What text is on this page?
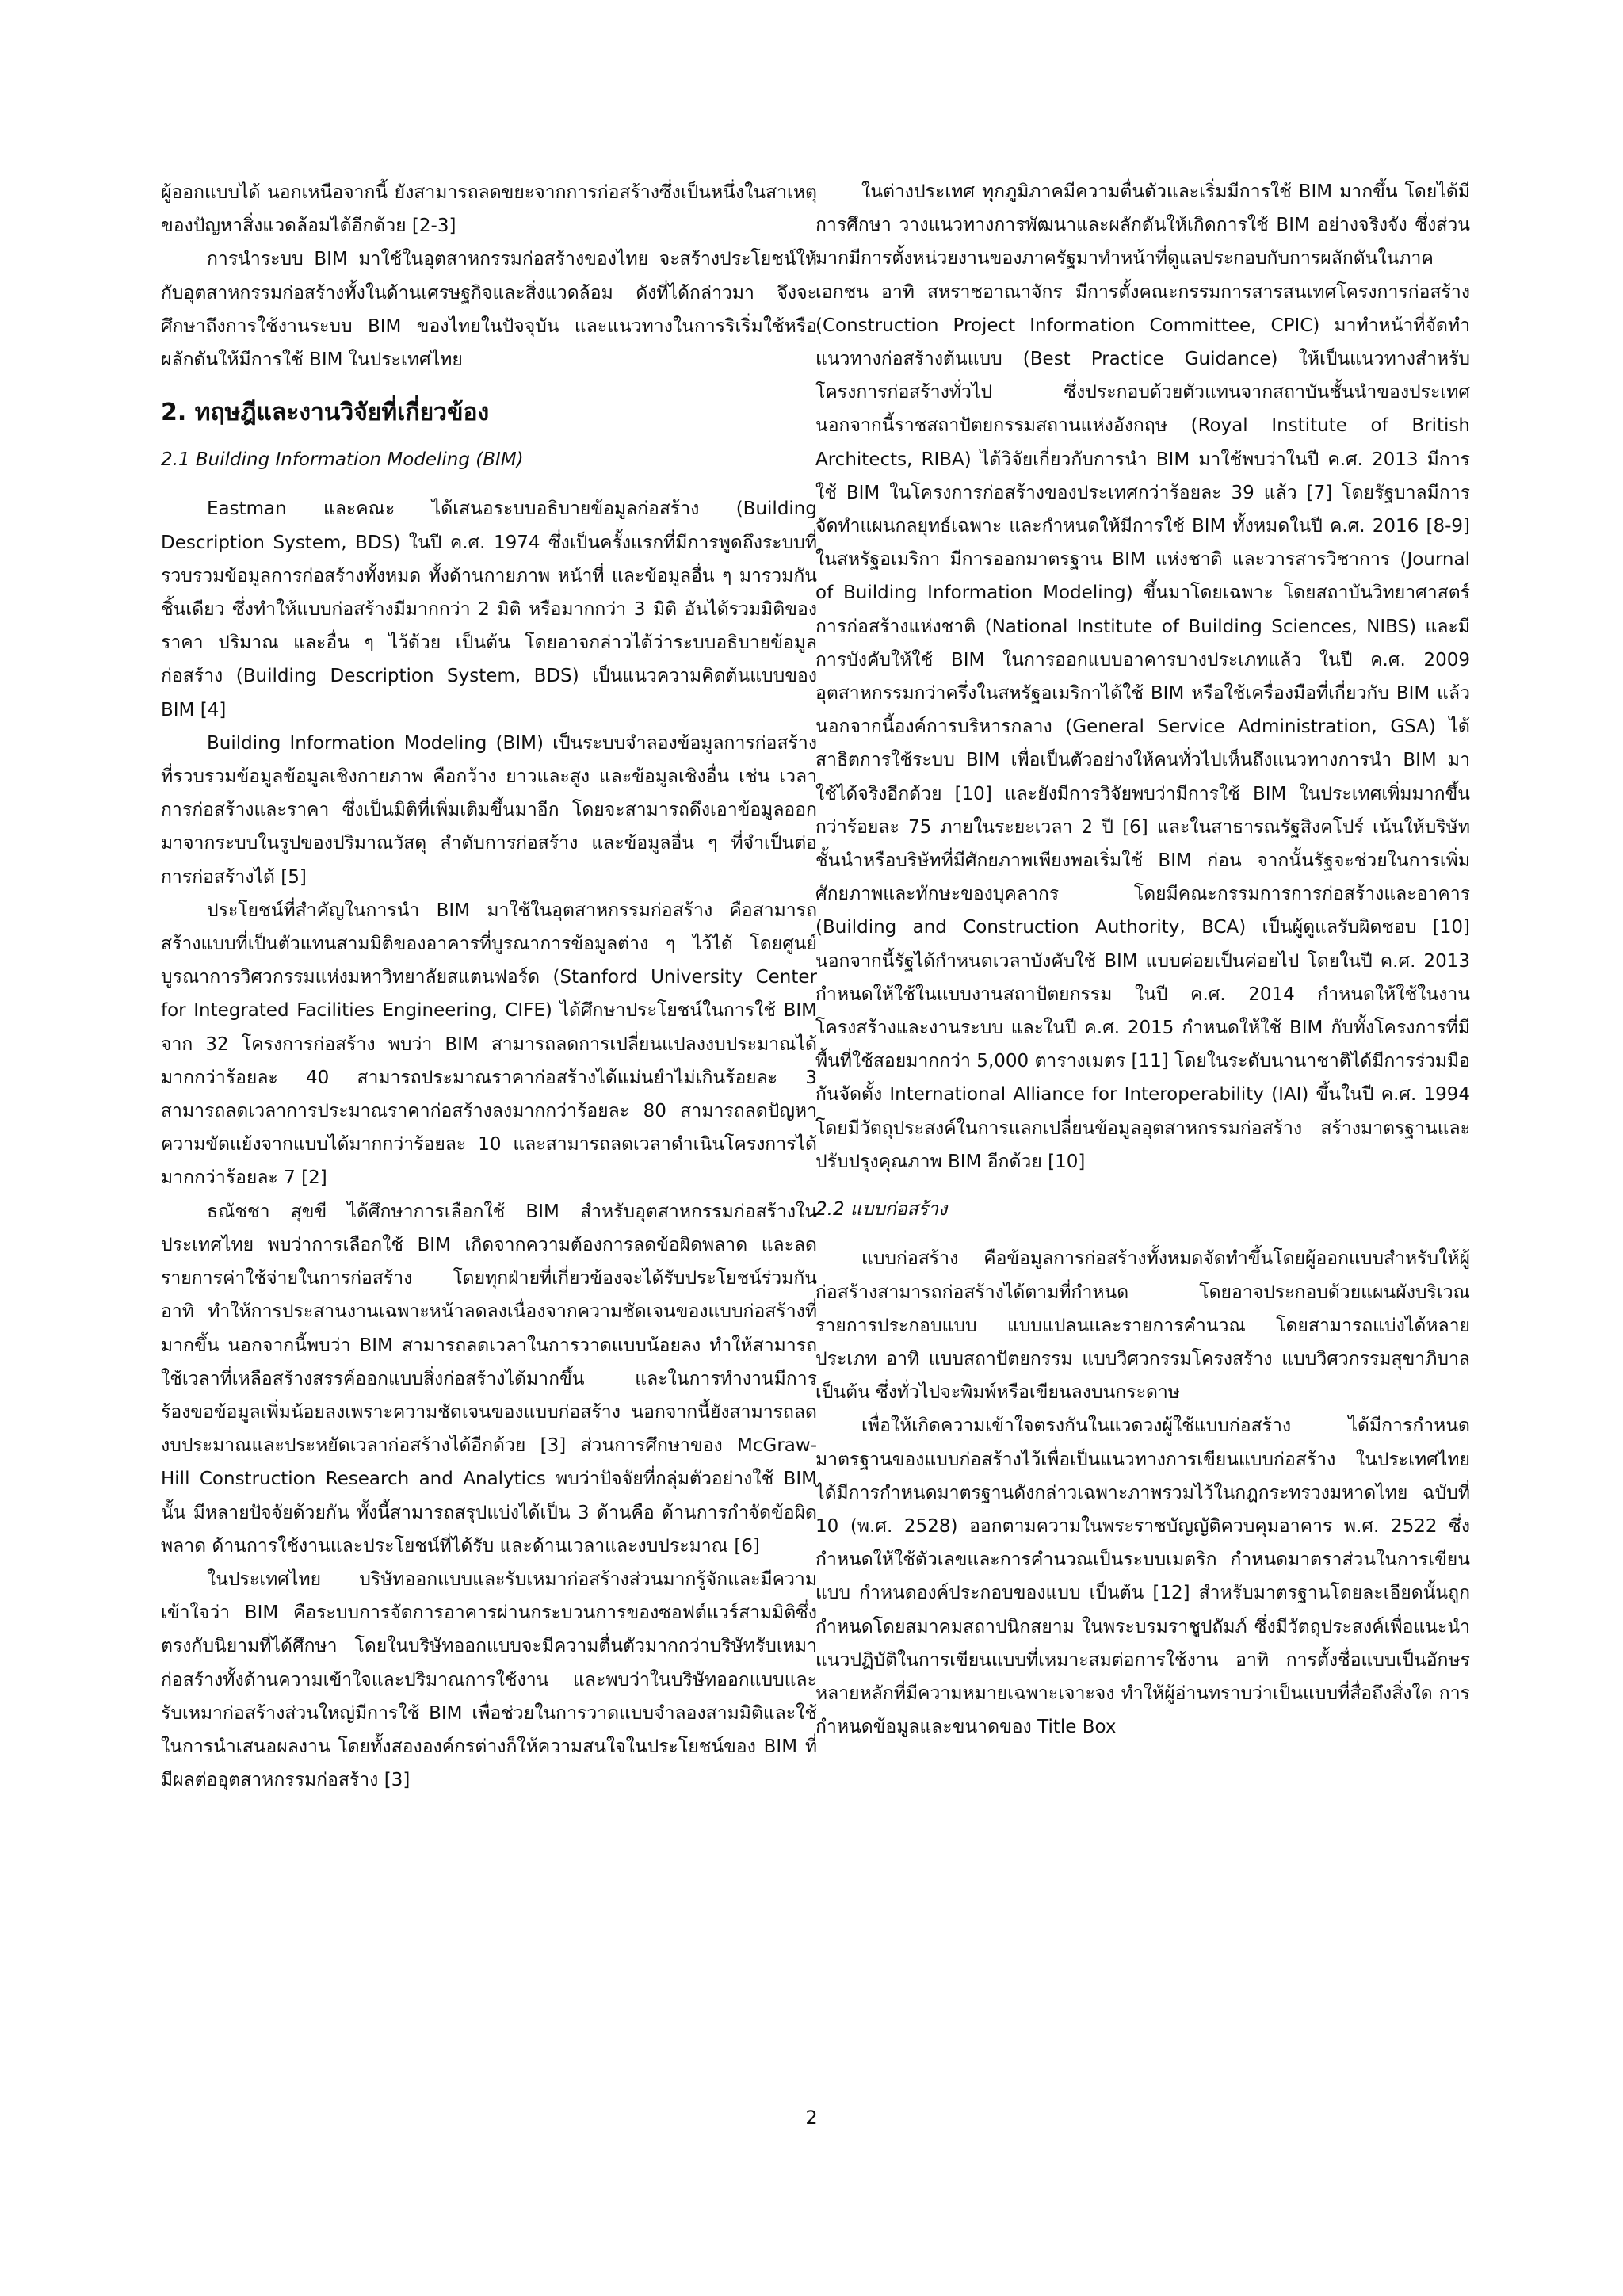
ผู้ออกแบบได้ นอกเหนือจากนี้ ยังสามารถลดขยะจากการก่อสร้างซึ่งเป็นหนึ่งในสาเหตุของปัญหาสิ่งแวดล้อมได้อีกด้วย [2-3]

การนำระบบ BIM มาใช้ในอุตสาหกรรมก่อสร้างของไทย จะสร้างประโยชน์ให้กับอุตสาหกรรมก่อสร้างทั้งในด้านเศรษฐกิจและสิ่งแวดล้อม ดังที่ได้กล่าวมา จึงจะศึกษาถึงการใช้งานระบบ BIM ของไทยในปัจจุบัน และแนวทางในการริเริ่มใช้หรือผลักดันให้มีการใช้ BIM ในประเทศไทย

2. ทฤษฎีและงานวิจัยที่เกี่ยวข้อง
2.1 Building Information Modeling (BIM)

Eastman และคณะ ได้เสนอระบบอธิบายข้อมูลก่อสร้าง (Building Description System, BDS) ในปี ค.ศ. 1974 ซึ่งเป็นครั้งแรกที่มีการพูดถึงระบบที่รวบรวมข้อมูลการก่อสร้างทั้งหมด ทั้งด้านกายภาพ หน้าที่ และข้อมูลอื่น ๆ มารวมกันชิ้นเดียว ซึ่งทำให้แบบก่อสร้างมีมากกว่า 2 มิติ หรือมากกว่า 3 มิติ อันได้รวมมิติของราคา ปริมาณ และอื่น ๆ ไว้ด้วย เป็นต้น โดยอาจกล่าวได้ว่าระบบอธิบายข้อมูลก่อสร้าง (Building Description System, BDS) เป็นแนวความคิดต้นแบบของ BIM [4]

Building Information Modeling (BIM) เป็นระบบจำลองข้อมูลการก่อสร้าง ที่รวบรวมข้อมูลข้อมูลเชิงกายภาพ คือกว้าง ยาวและสูง และข้อมูลเชิงอื่น เช่น เวลาการก่อสร้างและราคา ซึ่งเป็นมิติที่เพิ่มเติมขึ้นมาอีก โดยจะสามารถดึงเอาข้อมูลออกมาจากระบบในรูปของปริมาณวัสดุ ลำดับการก่อสร้าง และข้อมูลอื่น ๆ ที่จำเป็นต่อการก่อสร้างได้ [5]

ประโยชน์ที่สำคัญในการนำ BIM มาใช้ในอุตสาหกรรมก่อสร้าง คือสามารถสร้างแบบที่เป็นตัวแทนสามมิติของอาคารที่บูรณาการข้อมูลต่าง ๆ ไว้ได้ โดยศูนย์บูรณาการวิศวกรรมแห่งมหาวิทยาลัยสแตนฟอร์ด (Stanford University Center for Integrated Facilities Engineering, CIFE) ได้ศึกษาประโยชน์ในการใช้ BIM จาก 32 โครงการก่อสร้าง พบว่า BIM สามารถลดการเปลี่ยนแปลงงบประมาณได้มากกว่าร้อยละ 40 สามารถประมาณราคาก่อสร้างได้แม่นยำไม่เกินร้อยละ 3 สามารถลดเวลาการประมาณราคาก่อสร้างลงมากกว่าร้อยละ 80 สามารถลดปัญหาความขัดแย้งจากแบบได้มากกว่าร้อยละ 10 และสามารถลดเวลาดำเนินโครงการได้มากกว่าร้อยละ 7 [2]

ธณัชชา สุขขี ได้ศึกษาการเลือกใช้ BIM สำหรับอุตสาหกรรมก่อสร้างในประเทศไทย พบว่าการเลือกใช้ BIM เกิดจากความต้องการลดข้อผิดพลาด และลดรายการค่าใช้จ่ายในการก่อสร้าง โดยทุกฝ่ายที่เกี่ยวข้องจะได้รับประโยชน์ร่วมกัน อาทิ ทำให้การประสานงานเฉพาะหน้าลดลงเนื่องจากความชัดเจนของแบบก่อสร้างที่มากขึ้น นอกจากนี้พบว่า BIM สามารถลดเวลาในการวาดแบบน้อยลง ทำให้สามารถใช้เวลาที่เหลือสร้างสรรค์ออกแบบสิ่งก่อสร้างได้มากขึ้น และในการทำงานมีการร้องขอข้อมูลเพิ่มน้อยลงเพราะความชัดเจนของแบบก่อสร้าง นอกจากนี้ยังสามารถลดงบประมาณและประหยัดเวลาก่อสร้างได้อีกด้วย [3] ส่วนการศึกษาของ McGraw-Hill Construction Research and Analytics พบว่าปัจจัยที่กลุ่มตัวอย่างใช้ BIM นั้น มีหลายปัจจัยด้วยกัน ทั้งนี้สามารถสรุปแบ่งได้เป็น 3 ด้านคือ ด้านการกำจัดข้อผิดพลาด ด้านการใช้งานและประโยชน์ที่ได้รับ และด้านเวลาและงบประมาณ [6]

ในประเทศไทย บริษัทออกแบบและรับเหมาก่อสร้างส่วนมากรู้จักและมีความเข้าใจว่า BIM คือระบบการจัดการอาคารผ่านกระบวนการของซอฟต์แวร์สามมิติซึ่งตรงกับนิยามที่ได้ศึกษา โดยในบริษัทออกแบบจะมีความตื่นตัวมากกว่าบริษัทรับเหมาก่อสร้างทั้งด้านความเข้าใจและปริมาณการใช้งาน และพบว่าในบริษัทออกแบบและรับเหมาก่อสร้างส่วนใหญ่มีการใช้ BIM เพื่อช่วยในการวาดแบบจำลองสามมิติและใช้ในการนำเสนอผลงาน โดยทั้งสององค์กรต่างก็ให้ความสนใจในประโยชน์ของ BIM ที่มีผลต่ออุตสาหกรรมก่อสร้าง [3]

ในต่างประเทศ ทุกภูมิภาคมีความตื่นตัวและเริ่มมีการใช้ BIM มากขึ้น โดยได้มีการศึกษา วางแนวทางการพัฒนาและผลักดันให้เกิดการใช้ BIM อย่างจริงจัง ซึ่งส่วนมากมีการตั้งหน่วยงานของภาครัฐมาทำหน้าที่ดูแลประกอบกับการผลักดันในภาคเอกชน อาทิ สหราชอาณาจักร มีการตั้งคณะกรรมการสารสนเทศโครงการก่อสร้าง (Construction Project Information Committee, CPIC) มาทำหน้าที่จัดทำแนวทางก่อสร้างต้นแบบ (Best Practice Guidance) ให้เป็นแนวทางสำหรับโครงการก่อสร้างทั่วไป ซึ่งประกอบด้วยตัวแทนจากสถาบันชั้นนำของประเทศ นอกจากนี้ราชสถาปัตยกรรมสถานแห่งอังกฤษ (Royal Institute of British Architects, RIBA) ได้วิจัยเกี่ยวกับการนำ BIM มาใช้พบว่าในปี ค.ศ. 2013 มีการใช้ BIM ในโครงการก่อสร้างของประเทศกว่าร้อยละ 39 แล้ว [7] โดยรัฐบาลมีการจัดทำแผนกลยุทธ์เฉพาะ และกำหนดให้มีการใช้ BIM ทั้งหมดในปี ค.ศ. 2016 [8-9] ในสหรัฐอเมริกา มีการออกมาตรฐาน BIM แห่งชาติ และวารสารวิชาการ (Journal of Building Information Modeling) ขึ้นมาโดยเฉพาะ โดยสถาบันวิทยาศาสตร์การก่อสร้างแห่งชาติ (National Institute of Building Sciences, NIBS) และมีการบังคับให้ใช้ BIM ในการออกแบบอาคารบางประเภทแล้ว ในปี ค.ศ. 2009 อุตสาหกรรมกว่าครึ่งในสหรัฐอเมริกาได้ใช้ BIM หรือใช้เครื่องมือที่เกี่ยวกับ BIM แล้ว นอกจากนี้องค์การบริหารกลาง (General Service Administration, GSA) ได้สาธิตการใช้ระบบ BIM เพื่อเป็นตัวอย่างให้คนทั่วไปเห็นถึงแนวทางการนำ BIM มาใช้ได้จริงอีกด้วย [10] และยังมีการวิจัยพบว่ามีการใช้ BIM ในประเทศเพิ่มมากขึ้นกว่าร้อยละ 75 ภายในระยะเวลา 2 ปี [6] และในสาธารณรัฐสิงคโปร์ เน้นให้บริษัทชั้นนำหรือบริษัทที่มีศักยภาพเพียงพอเริ่มใช้ BIM ก่อน จากนั้นรัฐจะช่วยในการเพิ่มศักยภาพและทักษะของบุคลากร โดยมีคณะกรรมการการก่อสร้างและอาคาร (Building and Construction Authority, BCA) เป็นผู้ดูแลรับผิดชอบ [10] นอกจากนี้รัฐได้กำหนดเวลาบังคับใช้ BIM แบบค่อยเป็นค่อยไป โดยในปี ค.ศ. 2013 กำหนดให้ใช้ในแบบงานสถาปัตยกรรม ในปี ค.ศ. 2014 กำหนดให้ใช้ในงานโครงสร้างและงานระบบ และในปี ค.ศ. 2015 กำหนดให้ใช้ BIM กับทั้งโครงการที่มีพื้นที่ใช้สอยมากกว่า 5,000 ตารางเมตร [11] โดยในระดับนานาชาติได้มีการร่วมมือกันจัดตั้ง International Alliance for Interoperability (IAI) ขึ้นในปี ค.ศ. 1994 โดยมีวัตถุประสงค์ในการแลกเปลี่ยนข้อมูลอุตสาหกรรมก่อสร้าง สร้างมาตรฐานและปรับปรุงคุณภาพ BIM อีกด้วย [10]

2.2 แบบก่อสร้าง

แบบก่อสร้าง คือข้อมูลการก่อสร้างทั้งหมดจัดทำขึ้นโดยผู้ออกแบบสำหรับให้ผู้ก่อสร้างสามารถก่อสร้างได้ตามที่กำหนด โดยอาจประกอบด้วยแผนผังบริเวณ รายการประกอบแบบ แบบแปลนและรายการคำนวณ โดยสามารถแบ่งได้หลายประเภท อาทิ แบบสถาปัตยกรรม แบบวิศวกรรมโครงสร้าง แบบวิศวกรรมสุขาภิบาล เป็นต้น ซึ่งทั่วไปจะพิมพ์หรือเขียนลงบนกระดาษ

เพื่อให้เกิดความเข้าใจตรงกันในแวดวงผู้ใช้แบบก่อสร้าง ได้มีการกำหนดมาตรฐานของแบบก่อสร้างไว้เพื่อเป็นแนวทางการเขียนแบบก่อสร้าง ในประเทศไทยได้มีการกำหนดมาตรฐานดังกล่าวเฉพาะภาพรวมไว้ในกฎกระทรวงมหาดไทย ฉบับที่ 10 (พ.ศ. 2528) ออกตามความในพระราชบัญญัติควบคุมอาคาร พ.ศ. 2522 ซึ่งกำหนดให้ใช้ตัวเลขและการคำนวณเป็นระบบเมตริก กำหนดมาตราส่วนในการเขียนแบบ กำหนดองค์ประกอบของแบบ เป็นต้น [12] สำหรับมาตรฐานโดยละเอียดนั้นถูกกำหนดโดยสมาคมสถาปนิกสยาม ในพระบรมราชูปถัมภ์ ซึ่งมีวัตถุประสงค์เพื่อแนะนำแนวปฏิบัติในการเขียนแบบที่เหมาะสมต่อการใช้งาน อาทิ การตั้งชื่อแบบเป็นอักษรหลายหลักที่มีความหมายเฉพาะเจาะจง ทำให้ผู้อ่านทราบว่าเป็นแบบที่สื่อถึงสิ่งใด การกำหนดข้อมูลและขนาดของ Title Box

2
